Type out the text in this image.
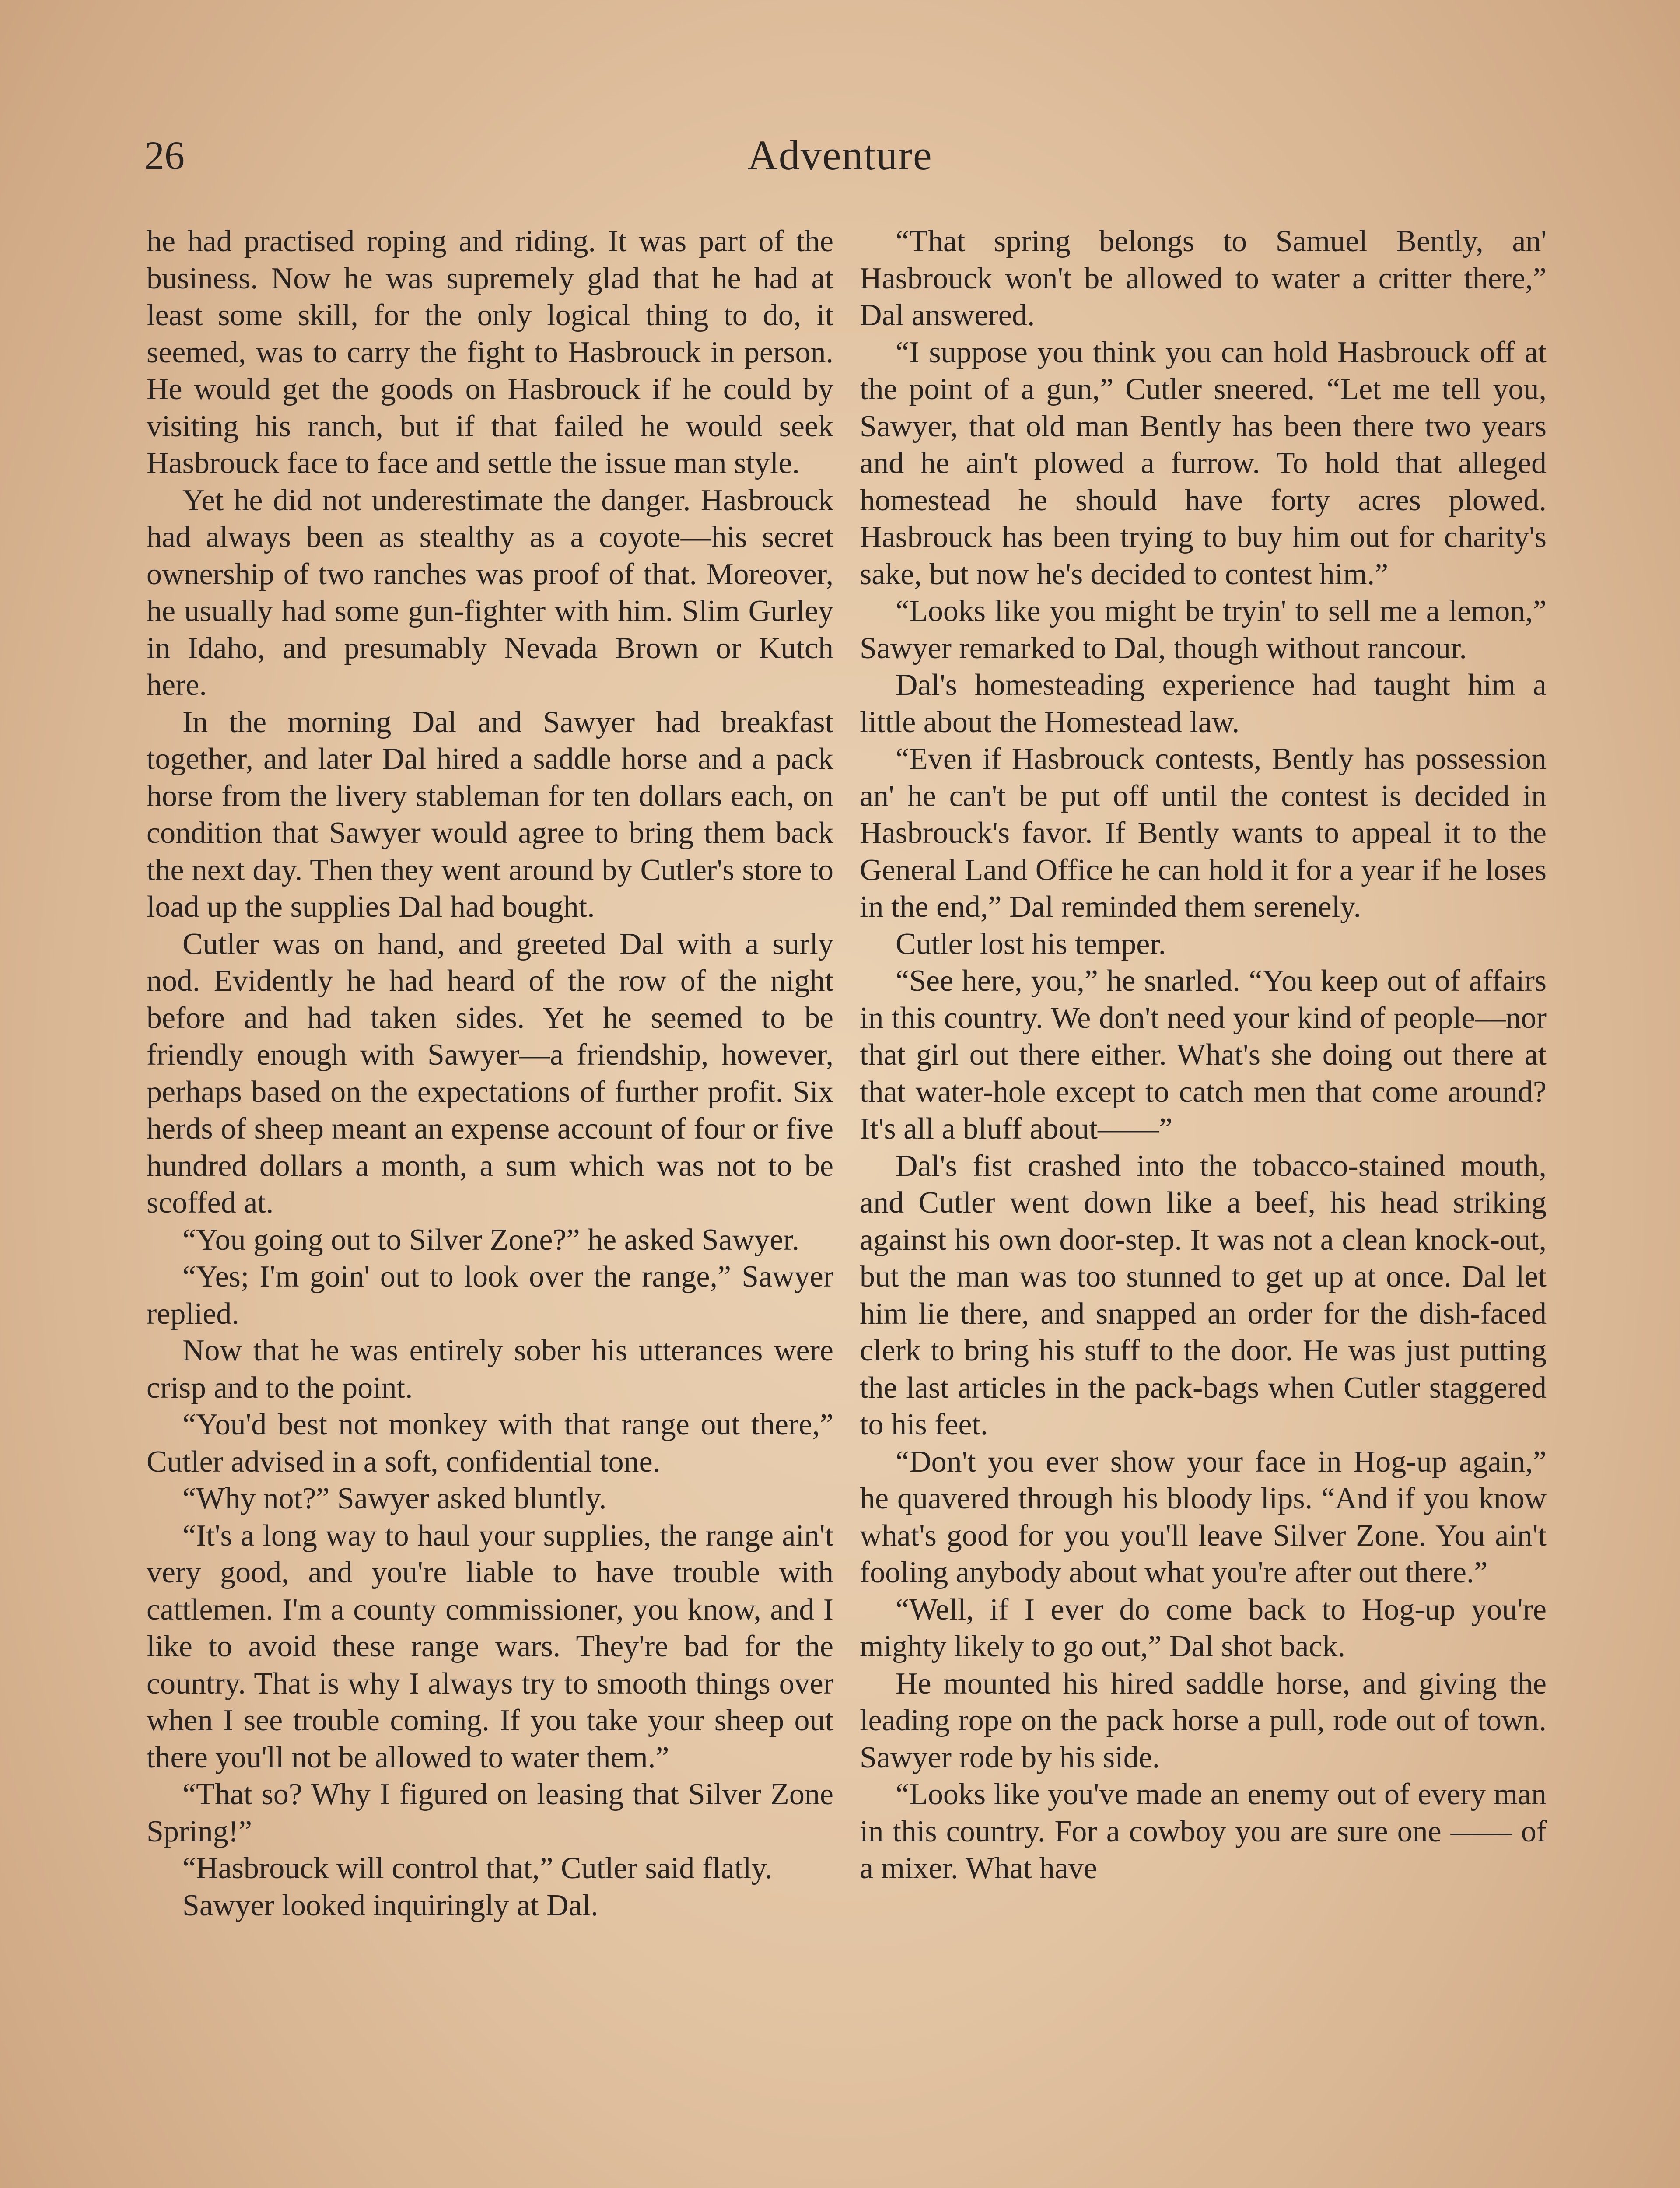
26	Adventure

he had practised roping and riding. It was part of the business. Now he was supremely glad that he had at least some skill, for the only logical thing to do, it seemed, was to carry the fight to Hasbrouck in person. He would get the goods on Hasbrouck if he could by visiting his ranch, but if that failed he would seek Hasbrouck face to face and settle the issue man style.

Yet he did not underestimate the danger. Hasbrouck had always been as stealthy as a coyote—his secret ownership of two ranches was proof of that. Moreover, he usually had some gun-fighter with him. Slim Gurley in Idaho, and presumably Nevada Brown or Kutch here.

In the morning Dal and Sawyer had breakfast together, and later Dal hired a saddle horse and a pack horse from the livery stableman for ten dollars each, on condition that Sawyer would agree to bring them back the next day. Then they went around by Cutler's store to load up the supplies Dal had bought.

Cutler was on hand, and greeted Dal with a surly nod. Evidently he had heard of the row of the night before and had taken sides. Yet he seemed to be friendly enough with Sawyer—a friendship, however, perhaps based on the expectations of further profit. Six herds of sheep meant an expense account of four or five hundred dollars a month, a sum which was not to be scoffed at.

“You going out to Silver Zone?” he asked Sawyer.

“Yes; I'm goin' out to look over the range,” Sawyer replied.

Now that he was entirely sober his utterances were crisp and to the point.

“You'd best not monkey with that range out there,” Cutler advised in a soft, confidential tone.

“Why not?” Sawyer asked bluntly.

“It's a long way to haul your supplies, the range ain't very good, and you're liable to have trouble with cattlemen. I'm a county commissioner, you know, and I like to avoid these range wars. They're bad for the country. That is why I always try to smooth things over when I see trouble coming. If you take your sheep out there you'll not be allowed to water them.”

“That so? Why I figured on leasing that Silver Zone Spring!”

“Hasbrouck will control that,” Cutler said flatly.

Sawyer looked inquiringly at Dal.

“That spring belongs to Samuel Bently, an' Hasbrouck won't be allowed to water a critter there,” Dal answered.

“I suppose you think you can hold Hasbrouck off at the point of a gun,” Cutler sneered. “Let me tell you, Sawyer, that old man Bently has been there two years and he ain't plowed a furrow. To hold that alleged homestead he should have forty acres plowed. Hasbrouck has been trying to buy him out for charity's sake, but now he's decided to contest him.”

“Looks like you might be tryin' to sell me a lemon,” Sawyer remarked to Dal, though without rancour.

Dal's homesteading experience had taught him a little about the Homestead law.

“Even if Hasbrouck contests, Bently has possession an' he can't be put off until the contest is decided in Hasbrouck's favor. If Bently wants to appeal it to the General Land Office he can hold it for a year if he loses in the end,” Dal reminded them serenely.

Cutler lost his temper.

“See here, you,” he snarled. “You keep out of affairs in this country. We don't need your kind of people—nor that girl out there either. What's she doing out there at that water-hole except to catch men that come around? It's all a bluff about——”

Dal's fist crashed into the tobacco-stained mouth, and Cutler went down like a beef, his head striking against his own door-step. It was not a clean knock-out, but the man was too stunned to get up at once. Dal let him lie there, and snapped an order for the dish-faced clerk to bring his stuff to the door. He was just putting the last articles in the pack-bags when Cutler staggered to his feet.

“Don't you ever show your face in Hog-up again,” he quavered through his bloody lips. “And if you know what's good for you you'll leave Silver Zone. You ain't fooling anybody about what you're after out there.”

“Well, if I ever do come back to Hog-up you're mighty likely to go out,” Dal shot back.

He mounted his hired saddle horse, and giving the leading rope on the pack horse a pull, rode out of town. Sawyer rode by his side.

“Looks like you've made an enemy out of every man in this country. For a cowboy you are sure one —— of a mixer. What have
